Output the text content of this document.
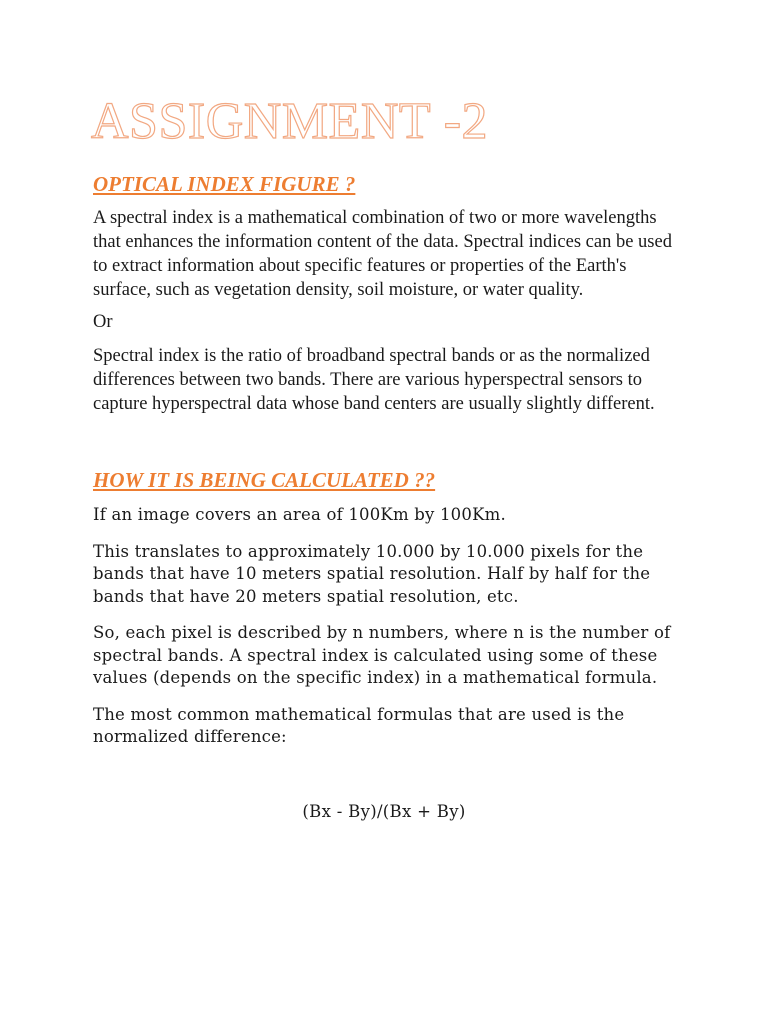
ASSIGNMENT -2
OPTICAL INDEX FIGURE ?

A spectral index is a mathematical combination of two or more wavelengths that enhances the information content of the data. Spectral indices can be used to extract information about specific features or properties of the Earth's surface, such as vegetation density, soil moisture, or water quality.

Or

Spectral index is the ratio of broadband spectral bands or as the normalized differences between two bands. There are various hyperspectral sensors to capture hyperspectral data whose band centers are usually slightly different.

HOW IT IS BEING CALCULATED ??

If an image covers an area of 100Km by 100Km.

This translates to approximately 10.000 by 10.000 pixels for the bands that have 10 meters spatial resolution. Half by half for the bands that have 20 meters spatial resolution, etc.

So, each pixel is described by n numbers, where n is the number of spectral bands. A spectral index is calculated using some of these values (depends on the specific index) in a mathematical formula.

The most common mathematical formulas that are used is the normalized difference:

(Bx - By)/(Bx + By)
